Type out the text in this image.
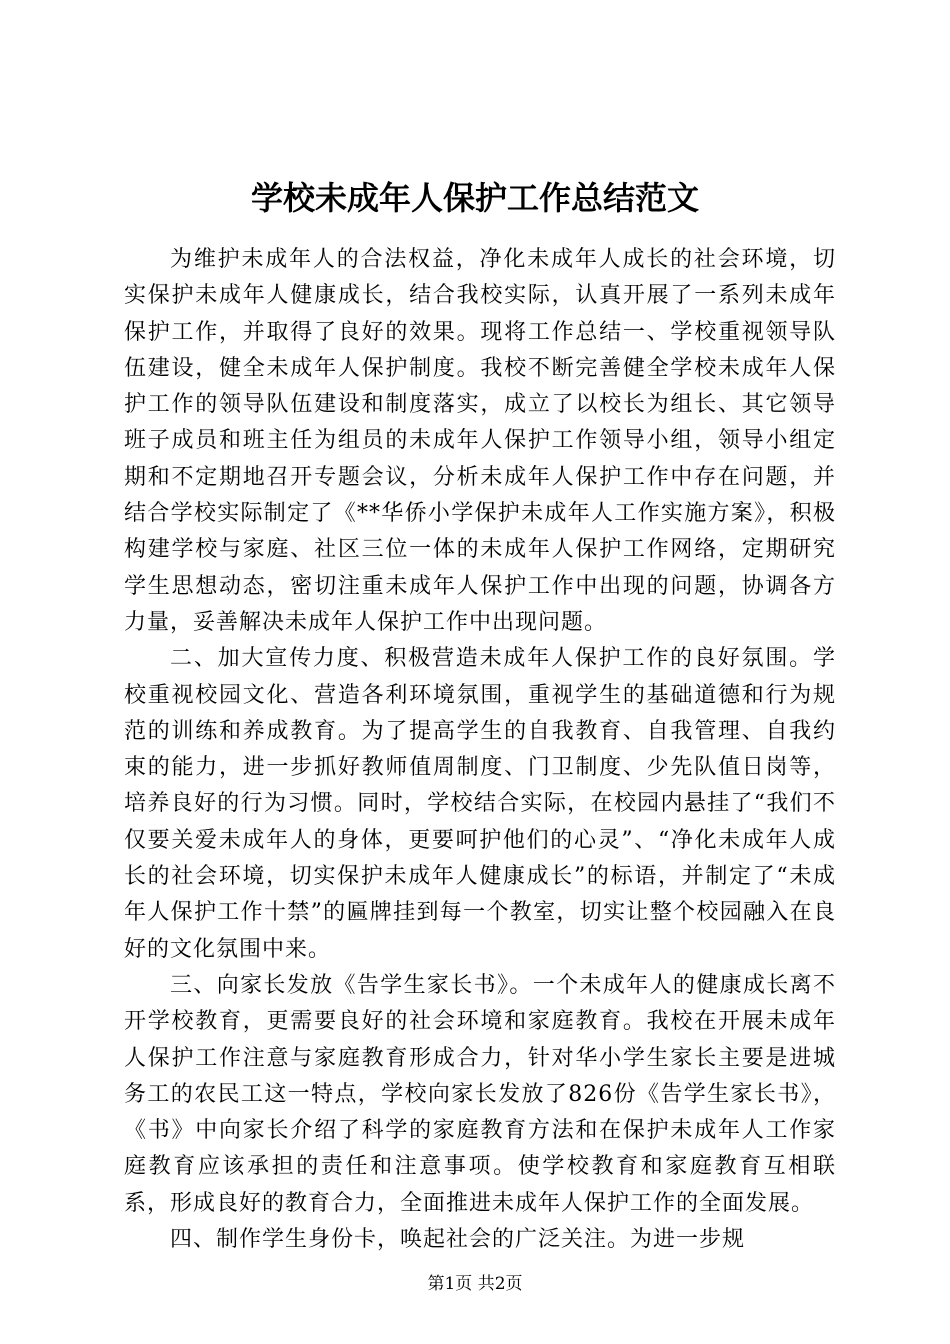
学校未成年人保护工作总结范文

为维护未成年人的合法权益，净化未成年人成长的社会环境，切实保护未成年人健康成长，结合我校实际，认真开展了一系列未成年保护工作，并取得了良好的效果。现将工作总结一、学校重视领导队伍建设，健全未成年人保护制度。我校不断完善健全学校未成年人保护工作的领导队伍建设和制度落实，成立了以校长为组长、其它领导班子成员和班主任为组员的未成年人保护工作领导小组，领导小组定期和不定期地召开专题会议，分析未成年人保护工作中存在问题，并结合学校实际制定了《**华侨小学保护未成年人工作实施方案》，积极构建学校与家庭、社区三位一体的未成年人保护工作网络，定期研究学生思想动态，密切注重未成年人保护工作中出现的问题，协调各方力量，妥善解决未成年人保护工作中出现问题。

二、加大宣传力度、积极营造未成年人保护工作的良好氛围。学校重视校园文化、营造各利环境氛围，重视学生的基础道德和行为规范的训练和养成教育。为了提高学生的自我教育、自我管理、自我约束的能力，进一步抓好教师值周制度、门卫制度、少先队值日岗等，培养良好的行为习惯。同时，学校结合实际，在校园内悬挂了“我们不仅要关爱未成年人的身体，更要呵护他们的心灵”、“净化未成年人成长的社会环境，切实保护未成年人健康成长”的标语，并制定了“未成年人保护工作十禁”的匾牌挂到每一个教室，切实让整个校园融入在良好的文化氛围中来。

三、向家长发放《告学生家长书》。一个未成年人的健康成长离不开学校教育，更需要良好的社会环境和家庭教育。我校在开展未成年人保护工作注意与家庭教育形成合力，针对华小学生家长主要是进城务工的农民工这一特点，学校向家长发放了826份《告学生家长书》，《书》中向家长介绍了科学的家庭教育方法和在保护未成年人工作家庭教育应该承担的责任和注意事项。使学校教育和家庭教育互相联系，形成良好的教育合力，全面推进未成年人保护工作的全面发展。

四、制作学生身份卡，唤起社会的广泛关注。为进一步规

第1页 共2页
